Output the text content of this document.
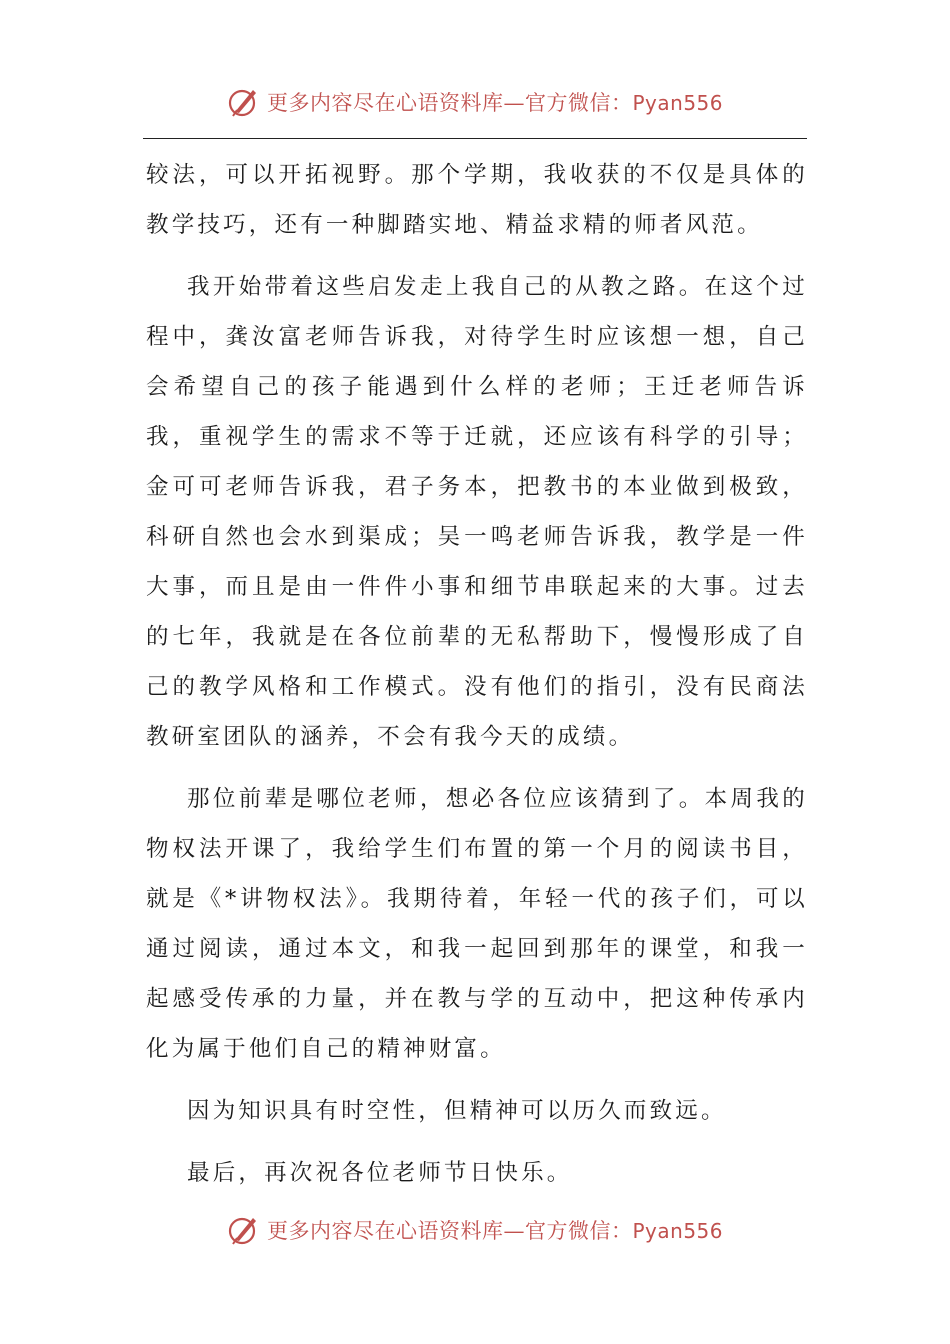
更多内容尽在心语资料库—官方微信：Pyan556

较法，可以开拓视野。那个学期，我收获的不仅是具体的教学技巧，还有一种脚踏实地、精益求精的师者风范。

我开始带着这些启发走上我自己的从教之路。在这个过程中，龚汝富老师告诉我，对待学生时应该想一想，自己会希望自己的孩子能遇到什么样的老师；王迁老师告诉我，重视学生的需求不等于迁就，还应该有科学的引导；金可可老师告诉我，君子务本，把教书的本业做到极致，科研自然也会水到渠成；吴一鸣老师告诉我，教学是一件大事，而且是由一件件小事和细节串联起来的大事。过去的七年，我就是在各位前辈的无私帮助下，慢慢形成了自己的教学风格和工作模式。没有他们的指引，没有民商法教研室团队的涵养，不会有我今天的成绩。

那位前辈是哪位老师，想必各位应该猜到了。本周我的物权法开课了，我给学生们布置的第一个月的阅读书目，就是《*讲物权法》。我期待着，年轻一代的孩子们，可以通过阅读，通过本文，和我一起回到那年的课堂，和我一起感受传承的力量，并在教与学的互动中，把这种传承内化为属于他们自己的精神财富。

因为知识具有时空性，但精神可以历久而致远。

最后，再次祝各位老师节日快乐。

更多内容尽在心语资料库—官方微信：Pyan556
